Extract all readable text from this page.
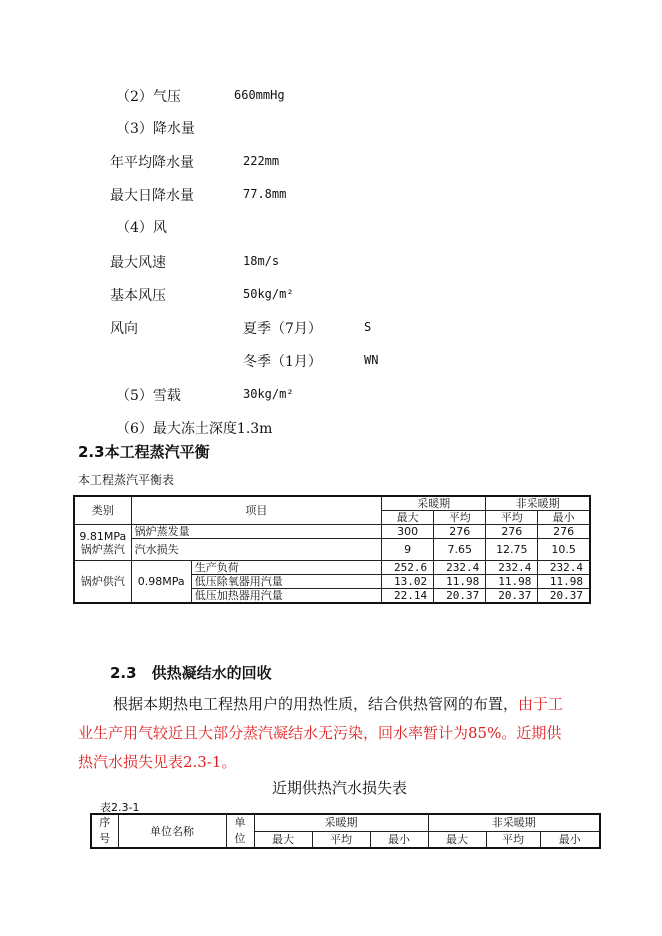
（2）气压	660mmHg
（3）降水量
年平均降水量	222mm
最大日降水量	77.8mm
（4）风
最大风速	18m/s
基本风压	50kg/m²
风向	夏季（7月）	S
冬季（1月）	WN
（5）雪载	30kg/m²
（6）最大冻土深度1.3m
2.3本工程蒸汽平衡
本工程蒸汽平衡表
类别	项目		采暖期		非采暖期	
			最大	平均	平均	最小
9.81MPa锅炉蒸汽	锅炉蒸发量		300	276	276	276
	汽水损失		9	7.65	12.75	10.5
锅炉供汽	0.98MPa	生产负荷	252.6	232.4	232.4	232.4
		低压除氧器用汽量	13.02	11.98	11.98	11.98
		低压加热器用汽量	22.14	20.37	20.37	20.37
2.3　供热凝结水的回收
根据本期热电工程热用户的用热性质，结合供热管网的布置，由于工
业生产用气较近且大部分蒸汽凝结水无污染，回水率暂计为85%。近期供
热汽水损失见表2.3-1。
近期供热汽水损失表
表2.3-1
序号	单位名称	单位	采暖期			非采暖期		
			最大	平均	最小	最大	平均	最小
